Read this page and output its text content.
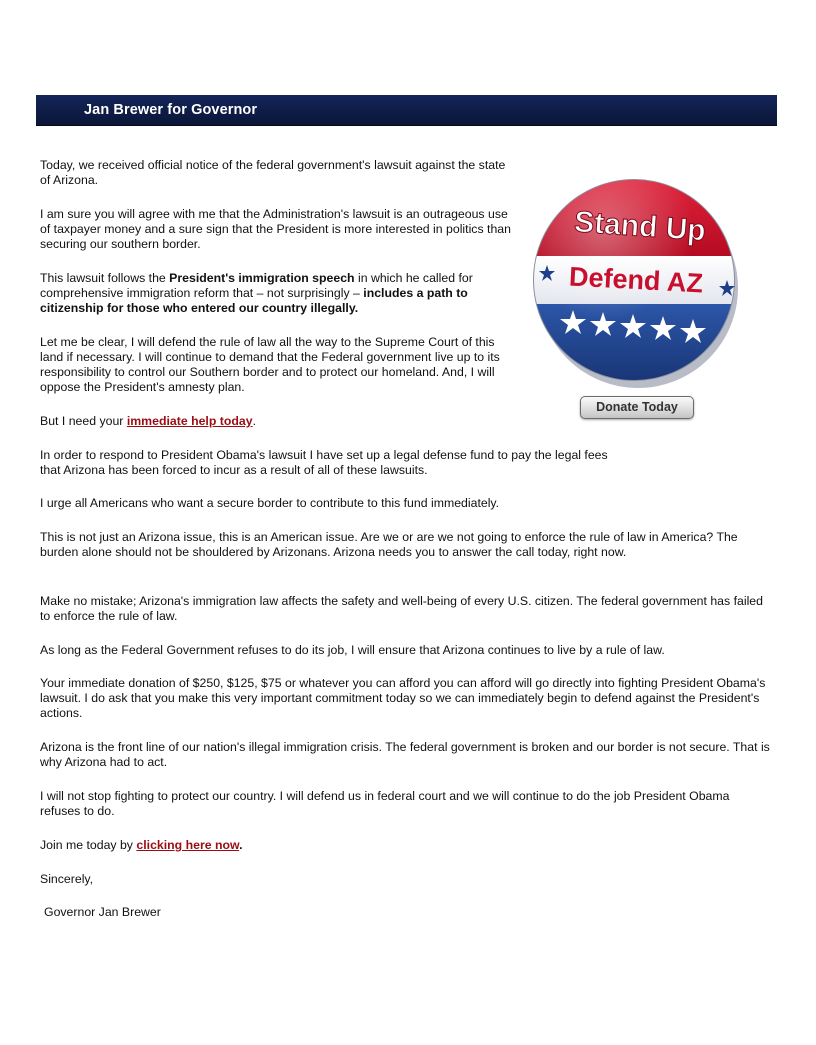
Jan Brewer for Governor

Today, we received official notice of the federal government's lawsuit against the state of Arizona.

I am sure you will agree with me that the Administration's lawsuit is an outrageous use of taxpayer money and a sure sign that the President is more interested in politics than securing our southern border.

This lawsuit follows the President's immigration speech in which he called for comprehensive immigration reform that – not surprisingly – includes a path to citizenship for those who entered our country illegally.

Let me be clear, I will defend the rule of law all the way to the Supreme Court of this land if necessary. I will continue to demand that the Federal government live up to its responsibility to control our Southern border and to protect our homeland. And, I will oppose the President's amnesty plan.

But I need your immediate help today.

In order to respond to President Obama's lawsuit I have set up a legal defense fund to pay the legal fees that Arizona has been forced to incur as a result of all of these lawsuits.

I urge all Americans who want a secure border to contribute to this fund immediately.

This is not just an Arizona issue, this is an American issue. Are we or are we not going to enforce the rule of law in America? The burden alone should not be shouldered by Arizonans. Arizona needs you to answer the call today, right now.

Make no mistake; Arizona's immigration law affects the safety and well-being of every U.S. citizen. The federal government has failed to enforce the rule of law.

As long as the Federal Government refuses to do its job, I will ensure that Arizona continues to live by a rule of law.

Your immediate donation of $250, $125, $75 or whatever you can afford you can afford will go directly into fighting President Obama's lawsuit. I do ask that you make this very important commitment today so we can immediately begin to defend against the President's actions.

Arizona is the front line of our nation's illegal immigration crisis. The federal government is broken and our border is not secure. That is why Arizona had to act.

I will not stop fighting to protect our country. I will defend us in federal court and we will continue to do the job President Obama refuses to do.

Join me today by clicking here now.

Sincerely,

Governor Jan Brewer

Stand Up
Defend AZ
Donate Today
